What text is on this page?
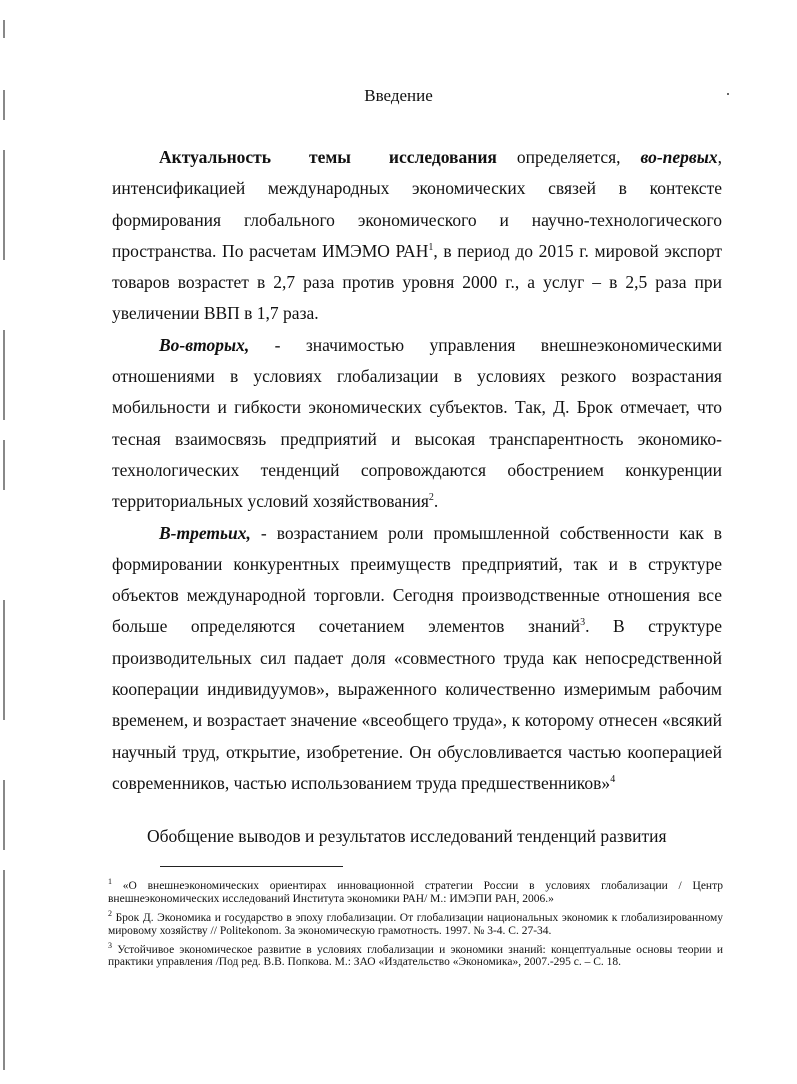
Введение

Актуальность темы исследования определяется, во-первых, интенсификацией международных экономических связей в контексте формирования глобального экономического и научно-технологического пространства. По расчетам ИМЭМО РАН$^1$, в период до 2015 г. мировой экспорт товаров возрастет в 2,7 раза против уровня 2000 г., а услуг – в 2,5 раза при увеличении ВВП в 1,7 раза.

Во-вторых, - значимостью управления внешнеэкономическими отношениями в условиях глобализации в условиях резкого возрастания мобильности и гибкости экономических субъектов. Так, Д. Брок отмечает, что тесная взаимосвязь предприятий и высокая транспарентность экономико-технологических тенденций сопровождаются обострением конкуренции территориальных условий хозяйствования$^2$.

В-третьих, - возрастанием роли промышленной собственности как в формировании конкурентных преимуществ предприятий, так и в структуре объектов международной торговли. Сегодня производственные отношения все больше определяются сочетанием элементов знаний$^3$. В структуре производительных сил падает доля «совместного труда как непосредственной кооперации индивидуумов», выраженного количественно измеримым рабочим временем, и возрастает значение «всеобщего труда», к которому отнесен «всякий научный труд, открытие, изобретение. Он обусловливается частью кооперацией современников, частью использованием труда предшественников»$^4$

Обобщение выводов и результатов исследований тенденций развития

$^1$ «О внешнеэкономических ориентирах инновационной стратегии России в условиях глобализации / Центр внешнеэкономических исследований Института экономики РАН/ М.: ИМЭПИ РАН, 2006.»

$^2$ Брок Д. Экономика и государство в эпоху глобализации. От глобализации национальных экономик к глобализированному мировому хозяйству // Politekonom. За экономическую грамотность. 1997. № 3-4. С. 27-34.

$^3$ Устойчивое экономическое развитие в условиях глобализации и экономики знаний: концептуальные основы теории и практики управления /Под ред. В.В. Попкова. М.: ЗАО «Издательство «Экономика», 2007.-295 с. – С. 18.
